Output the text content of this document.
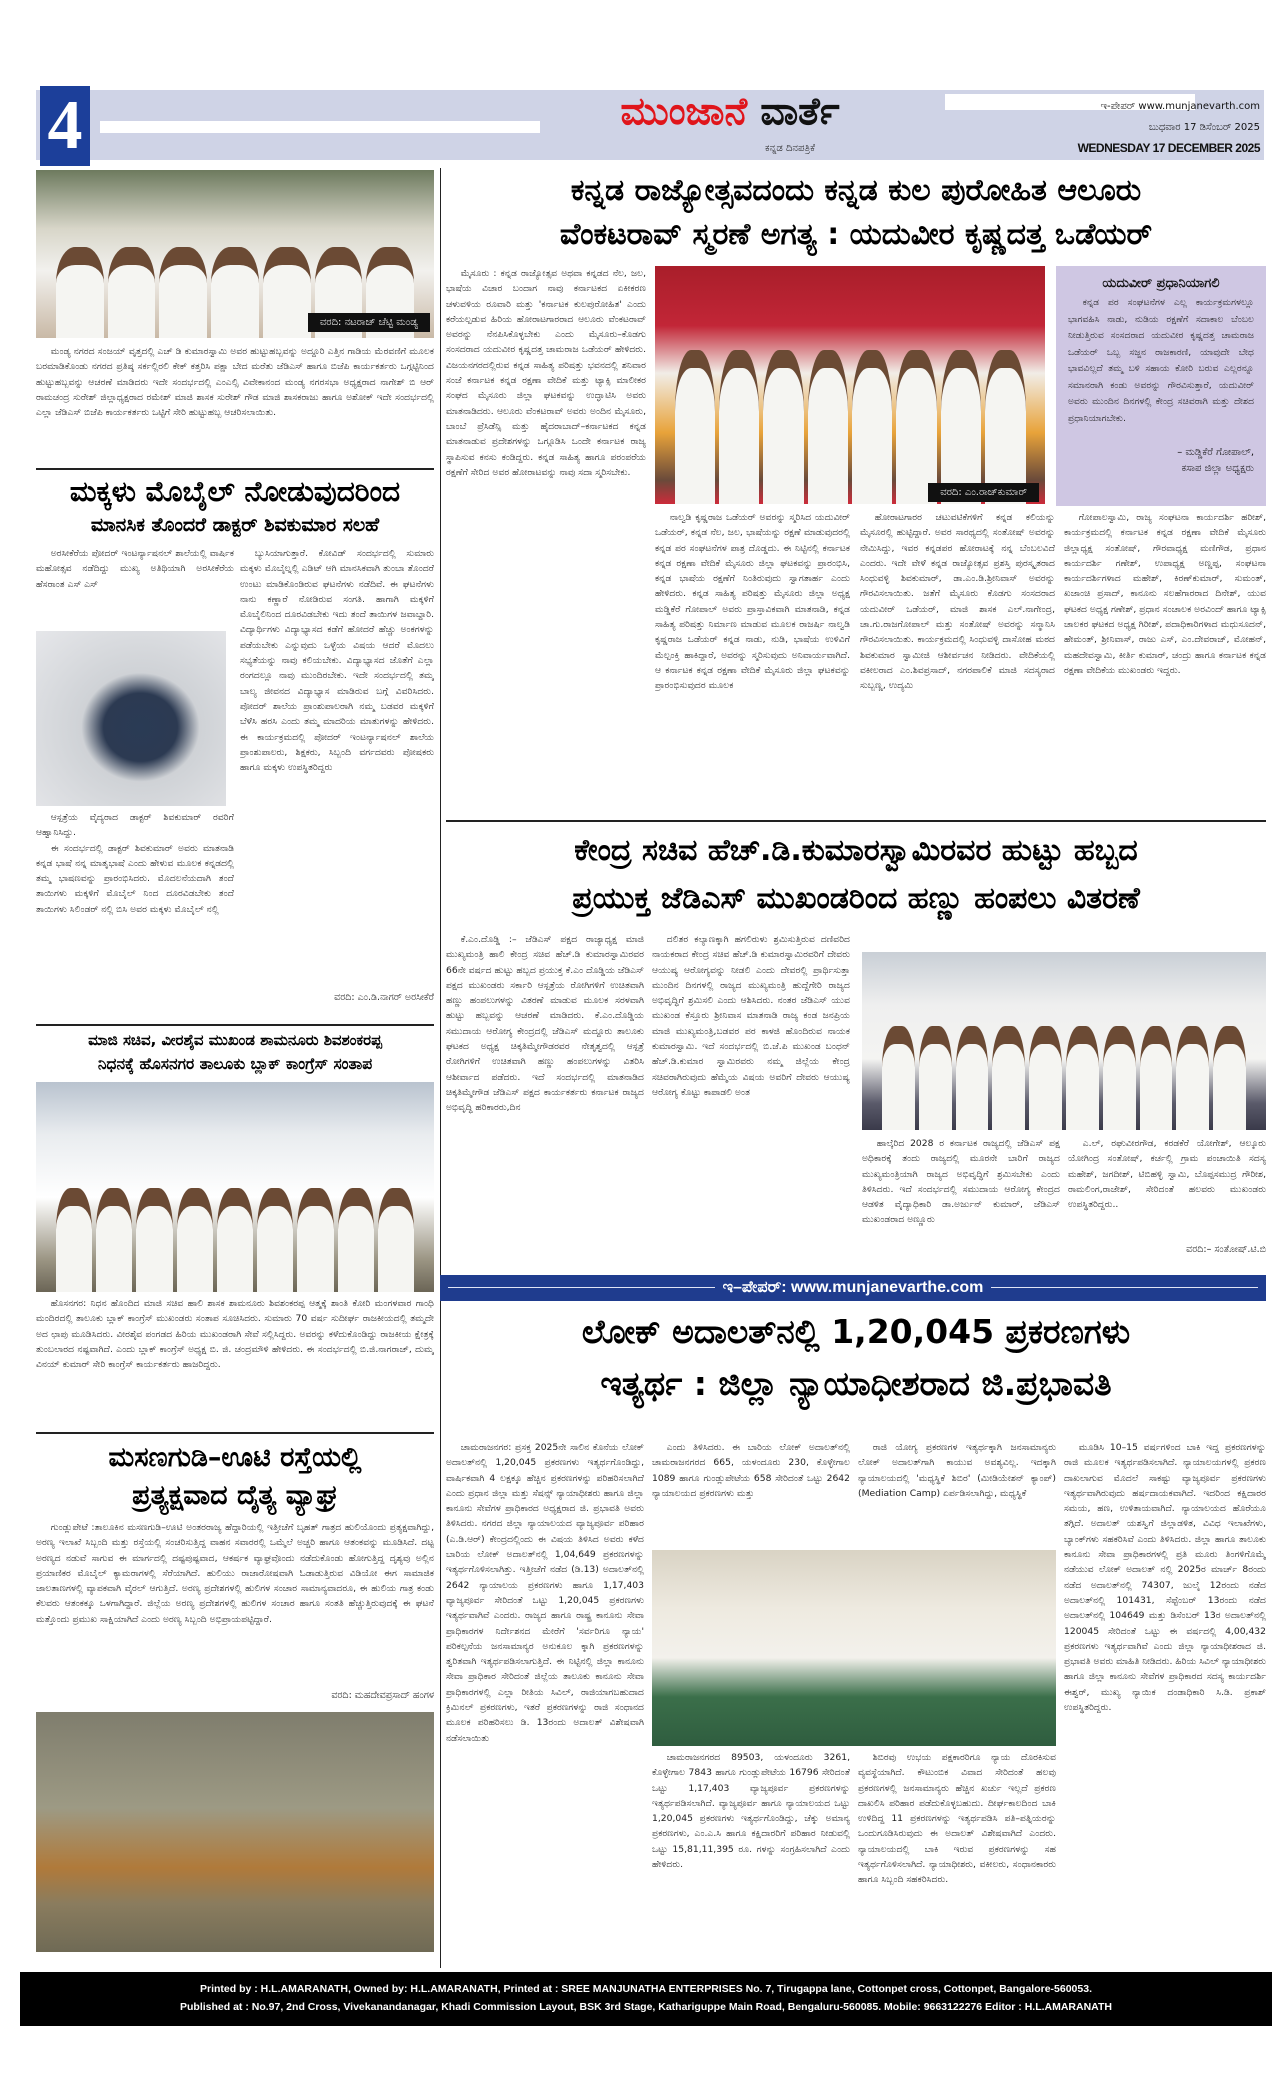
4	ಮುಂಜಾನೆ ವಾರ್ತೆ
ಕನ್ನಡ ದಿನಪತ್ರಿಕೆ
ಇ-ಪೇಪರ್ www.munjanevarth.com
ಬುಧವಾರ 17 ಡಿಸೆಂಬರ್ 2025
WEDNESDAY 17 DECEMBER 2025
ವರದಿ: ನಟರಾಜ್ ಚೆಟ್ಟಿ ಮಂಡ್ಯ

ಮಂಡ್ಯ ನಗರದ ಸಂಜಯ್ ವೃತ್ತದಲ್ಲಿ ಎಚ್ ಡಿ ಕುಮಾರಸ್ವಾಮಿ ಅವರ ಹುಟ್ಟುಹಬ್ಬವನ್ನು ಅದ್ದೂರಿ ಎತ್ತಿನ ಗಾಡಿಯ ಮೆರವಣಿಗೆ ಮೂಲಕ ಬರಮಾಡಿಕೊಂಡು ನಗರದ ಪ್ರತಿಷ್ಠ ಸರ್ಕಲ್ಲಿರಲಿ ಕೇಕ್ ಕತ್ತರಿಸಿ ಪಕ್ಷಾ ಬೇದ ಮರೆತು ಜೆಡಿಎಸ್ ಹಾಗೂ ಬಿಜೆಪಿ ಕಾರ್ಯಕರ್ತರು ಒಗ್ಗಟ್ಟಿನಿಂದ ಹುಟ್ಟುಹಬ್ಬವನ್ನು ಆಚರಣೆ ಮಾಡಿದರು ಇದೇ ಸಂದರ್ಭದಲ್ಲಿ ಎಂಎಲ್ಸಿ ವಿವೇಕಾನಂದ ಮಂಡ್ಯ ನಗರಸಭಾ ಅಧ್ಯಕ್ಷರಾದ ನಾಗೇಶ್ ಬಿ ಆರ್ ರಾಮಚಂದ್ರ ಸುರೇಶ್ ಜಿಲ್ಲಾಧ್ಯಕ್ಷರಾದ ರಮೇಶ್ ಮಾಜಿ ಶಾಸಕ ಸುರೇಶ್ ಗೌಡ ಮಾಜಿ ಶಾಸಕರಾಜು ಹಾಗೂ ಅಶೋಕ್ ಇದೇ ಸಂದರ್ಭದಲ್ಲಿ ಎಲ್ಲಾ ಜೆಡಿಎಸ್ ಬಿಜೆಪಿ ಕಾರ್ಯಕರ್ತರು ಒಟ್ಟಿಗೆ ಸೇರಿ ಹುಟ್ಟುಹಬ್ಬ ಆಚರಿಸಲಾಯಿತು.

ಮಕ್ಕಳು ಮೊಬೈಲ್ ನೋಡುವುದರಿಂದ
ಮಾನಸಿಕ ತೊಂದರೆ ಡಾಕ್ಟರ್ ಶಿವಕುಮಾರ ಸಲಹೆ

ಅರಸೀಕೆರೆಯ ಪೋದರ್ ಇಂಟರ್ನ್ಯಾಷನಲ್ ಶಾಲೆಯಲ್ಲಿ ವಾರ್ಷಿಕ ಮಹೋತ್ಸವ ನಡೆದಿದ್ದು ಮುಖ್ಯ ಅತಿಥಿಯಾಗಿ ಅರಸೀಕೆರೆಯ ಹೆಸರಾಂತ ಎಸ್ ಎಸ್

ಆಸ್ಪತ್ರೆಯ ವೈದ್ಯರಾದ ಡಾಕ್ಟರ್ ಶಿವಕುಮಾರ್ ರವರಿಗೆ ಆಹ್ವಾನಿಸಿದ್ದು.

ಈ ಸಂದರ್ಭದಲ್ಲಿ ಡಾಕ್ಟರ್ ಶಿವಕುಮಾರ್ ಅವರು ಮಾತನಾಡಿ ಕನ್ನಡ ಭಾಷೆ ನನ್ನ ಮಾತೃಭಾಷೆ ಎಂದು ಹೇಳುವ ಮೂಲಕ ಕನ್ನಡದಲ್ಲಿ ತಮ್ಮ ಭಾಷಣವನ್ನು ಪ್ರಾರಂಭಿಸಿದರು. ಮೊದಲನೆಯದಾಗಿ ತಂದೆ ತಾಯಿಗಳು ಮಕ್ಕಳಿಗೆ ಮೊಬೈಲ್ ನಿಂದ ದೂರವಿಡಬೇಕು ತಂದೆ ತಾಯಿಗಳು ಸಿಲಿಂಡರ್ ನಲ್ಲಿ ಬಿಸಿ ಅವರ ಮಕ್ಕಳು ಮೊಬೈಲ್ ನಲ್ಲಿ

ಬ್ಯುಸಿಯಾಗುತ್ತಾರೆ. ಕೋವಿಡ್ ಸಂದರ್ಭದಲ್ಲಿ ಸುಮಾರು ಮಕ್ಕಳು ಮೊಬೈಲ್ನಲ್ಲಿ ಎಡಿಟ್ ಆಗಿ ಮಾನಸಿಕವಾಗಿ ತುಂಬಾ ತೊಂದರೆ ಉಂಟು ಮಾಡಿಕೊಂಡಿರುವ ಘಟನೆಗಳು ನಡೆದಿವೆ. ಈ ಘಟನೆಗಳು ನಾನು ಕಣ್ಣಾರೆ ನೋಡಿರುವ ಸಂಗತಿ. ಹಾಗಾಗಿ ಮಕ್ಕಳಿಗೆ ಮೊಬೈಲಿನಿಂದ ದೂರವಿಡಬೇಕು ಇದು ತಂದೆ ತಾಯಿಗಳ ಜವಾಬ್ದಾರಿ. ವಿದ್ಯಾರ್ಥಿಗಳು ವಿದ್ಯಾಭ್ಯಾಸದ ಕಡೆಗೆ ಹೋದರೆ ಹೆಚ್ಚು ಅಂಕಗಳನ್ನು ಪಡೆಯಬೇಕು ಎನ್ನುವುದು ಒಳ್ಳೆಯ ವಿಷಯ ಆದರೆ ಮೊದಲು ಸಭ್ಯತೆಯನ್ನು ನಾವು ಕಲಿಯಬೇಕು. ವಿದ್ಯಾಭ್ಯಾಸದ ಜೊತೆಗೆ ಎಲ್ಲಾ ರಂಗದಲ್ಲೂ ನಾವು ಮುಂದಿರಬೇಕು. ಇದೇ ಸಂದರ್ಭದಲ್ಲಿ ತಮ್ಮ ಬಾಲ್ಯ ಜೀವನದ ವಿದ್ಯಾಭ್ಯಾಸ ಮಾಡಿರುವ ಬಗ್ಗೆ ವಿವರಿಸಿದರು. ಪೋದರ್ ಶಾಲೆಯ ಪ್ರಾಂಶುಪಾಲರಾಗಿ ನಮ್ಮ ಬಡವರ ಮಕ್ಕಳಿಗೆ ಬೆಳೆಸಿ ಹರಸಿ ಎಂದು ತಮ್ಮ ಮಾದರಿಯ ಮಾತುಗಳನ್ನು ಹೇಳಿದರು. ಈ ಕಾರ್ಯಕ್ರಮದಲ್ಲಿ ಪೋದರ್ ಇಂಟರ್ನ್ಯಾಷನಲ್ ಶಾಲೆಯ ಪ್ರಾಂಶುಪಾಲರು, ಶಿಕ್ಷಕರು, ಸಿಬ್ಬಂದಿ ವರ್ಗದವರು ಪೋಷಕರು ಹಾಗೂ ಮಕ್ಕಳು ಉಪಸ್ಥಿತರಿದ್ದರು

ವರದಿ: ಎಂ.ಡಿ.ನಾಗರ್ ಅರಸೀಕೆರೆ
ಮಾಜಿ ಸಚಿವ, ವೀರಶೈವ ಮುಖಂಡ ಶಾಮನೂರು ಶಿವಶಂಕರಪ್ಪ
ನಿಧನಕ್ಕೆ ಹೊಸನಗರ ತಾಲೂಕು ಬ್ಲಾಕ್ ಕಾಂಗ್ರೆಸ್ ಸಂತಾಪ

ಹೊಸನಗರ: ನಿಧನ ಹೊಂದಿದ ಮಾಜಿ ಸಚಿವ ಹಾಲಿ ಶಾಸಕ ಶಾಮನೂರು ಶಿವಶಂಕರಪ್ಪ ಆತ್ಮಕ್ಕೆ ಶಾಂತಿ ಕೋರಿ ಮಂಗಳವಾರ ಗಾಂಧಿ ಮಂದಿರದಲ್ಲಿ ತಾಲೂಕು ಬ್ಲಾಕ್ ಕಾಂಗ್ರೆಸ್ ಮುಖಂಡರು ಸಂತಾಪ ಸೂಚಿಸಿದರು. ಸುಮಾರು 70 ವರ್ಷ ಸುದೀರ್ಘ ರಾಜಕೀಯದಲ್ಲಿ ತಮ್ಮದೇ ಅದ ಛಾಪು ಮೂಡಿಸಿದರು. ವೀರಶೈವ ಪಂಗಡದ ಹಿರಿಯ ಮುಖಂಡರಾಗಿ ಸೇವೆ ಸಲ್ಲಿಸಿದ್ದರು. ಅವರನ್ನು ಕಳೆದುಕೊಂಡಿದ್ದು ರಾಜಕೀಯ ಕ್ಷೇತ್ರಕ್ಕೆ ತುಂಬಲಾರದ ನಷ್ಟವಾಗಿದೆ. ಎಂದು ಬ್ಲಾಕ್ ಕಾಂಗ್ರೆಸ್ ಅಧ್ಯಕ್ಷ ಬಿ. ಜಿ. ಚಂದ್ರಮೌಳಿ ಹೇಳಿದರು. ಈ ಸಂದರ್ಭದಲ್ಲಿ ಬಿ.ಜಿ.ನಾಗರಾಜ್, ದುಮ್ಮ ವಿನಯ್ ಕುಮಾರ್ ಸೇರಿ ಕಾಂಗ್ರೆಸ್ ಕಾರ್ಯಕರ್ತರು ಹಾಜರಿದ್ದರು.

ಮಸಣಗುಡಿ–ಊಟಿ ರಸ್ತೆಯಲ್ಲಿ
ಪ್ರತ್ಯಕ್ಷವಾದ ದೈತ್ಯ ವ್ಯಾಘ್ರ

ಗುಂಡ್ಲುಪೇಟೆ :ತಾಲೂಕಿನ ಮಸಣಗುಡಿ–ಊಟಿ ಅಂತರರಾಜ್ಯ ಹೆದ್ದಾರಿಯಲ್ಲಿ ಇತ್ತೀಚೆಗೆ ಬೃಹತ್ ಗಾತ್ರದ ಹುಲಿಯೊಂದು ಪ್ರತ್ಯಕ್ಷವಾಗಿದ್ದು, ಅರಣ್ಯ ಇಲಾಖೆ ಸಿಬ್ಬಂದಿ ಮತ್ತು ರಸ್ತೆಯಲ್ಲಿ ಸಂಚರಿಸುತ್ತಿದ್ದ ವಾಹನ ಸವಾರರಲ್ಲಿ ಒಮ್ಮೆಲೆ ಅಚ್ಚರಿ ಹಾಗೂ ಆತಂಕವನ್ನು ಮೂಡಿಸಿದೆ. ದಟ್ಟ ಅರಣ್ಯದ ನಡುವೆ ಸಾಗುವ ಈ ಮಾರ್ಗದಲ್ಲಿ ದಷ್ಟಪುಷ್ಟವಾದ, ಆಕರ್ಷಕ ವ್ಯಾಘ್ರವೊಂದು ನಡೆದುಕೊಂಡು ಹೋಗುತ್ತಿದ್ದ ದೃಶ್ಯವು ಅಲ್ಲಿನ ಪ್ರಯಾಣಿಕರ ಮೊಬೈಲ್ ಕ್ಯಾಮರಾಗಳಲ್ಲಿ ಸೆರೆಯಾಗಿದೆ. ಹುಲಿಯು ರಾಜಾರೋಷವಾಗಿ ಓಡಾಡುತ್ತಿರುವ ವಿಡಿಯೋ ಈಗ ಸಾಮಾಜಿಕ ಜಾಲತಾಣಗಳಲ್ಲಿ ವ್ಯಾಪಕವಾಗಿ ವೈರಲ್ ಆಗುತ್ತಿದೆ. ಅರಣ್ಯ ಪ್ರದೇಶಗಳಲ್ಲಿ ಹುಲಿಗಳ ಸಂಚಾರ ಸಾಮಾನ್ಯವಾದರೂ, ಈ ಹುಲಿಯ ಗಾತ್ರ ಕಂಡು ಕೆಲವರು ಆತಂಕಕ್ಕೂ ಒಳಗಾಗಿದ್ದಾರೆ. ಜಿಲ್ಲೆಯ ಅರಣ್ಯ ಪ್ರದೇಶಗಳಲ್ಲಿ ಹುಲಿಗಳ ಸಂಚಾರ ಹಾಗೂ ಸಂತತಿ ಹೆಚ್ಚುತ್ತಿರುವುದಕ್ಕೆ ಈ ಘಟನೆ ಮತ್ತೊಂದು ಪ್ರಮುಖ ಸಾಕ್ಷಿಯಾಗಿದೆ ಎಂದು ಅರಣ್ಯ ಸಿಬ್ಬಂದಿ ಅಭಿಪ್ರಾಯಪಟ್ಟಿದ್ದಾರೆ.

ವರದಿ: ಮಹದೇವಪ್ರಸಾದ್ ಹಂಗಳ
ಕನ್ನಡ ರಾಜ್ಯೋತ್ಸವದಂದು ಕನ್ನಡ ಕುಲ ಪುರೋಹಿತ ಆಲೂರು
ವೆಂಕಟರಾವ್ ಸ್ಮರಣೆ ಅಗತ್ಯ : ಯದುವೀರ ಕೃಷ್ಣದತ್ತ ಒಡೆಯರ್

ಮೈಸೂರು : ಕನ್ನಡ ರಾಜ್ಯೋತ್ಸವ ಅಥವಾ ಕನ್ನಡದ ನೆಲ, ಜಲ, ಭಾಷೆಯ ವಿಚಾರ ಬಂದಾಗ ನಾವು ಕರ್ನಾಟಕದ ಏಕೀಕರಣ ಚಳುವಳಿಯ ರೂವಾರಿ ಮತ್ತು 'ಕರ್ನಾಟಕ ಕುಲಪುರೋಹಿತ' ಎಂದು ಕರೆಯಲ್ಪಡುವ ಹಿರಿಯ ಹೋರಾಟಗಾರರಾದ ಆಲೂರು ವೆಂಕಟರಾವ್ ಅವರನ್ನು ನೆನಪಿಸಿಕೊಳ್ಳಬೇಕು ಎಂದು ಮೈಸೂರು–ಕೊಡಗು ಸಂಸದರಾದ ಯದುವೀರ ಕೃಷ್ಣದತ್ತ ಚಾಮರಾಜ ಒಡೆಯರ್ ಹೇಳಿದರು. ವಿಜಯನಗರದಲ್ಲಿರುವ ಕನ್ನಡ ಸಾಹಿತ್ಯ ಪರಿಷತ್ತು ಭವನದಲ್ಲಿ ಶನಿವಾರ ಸಂಜೆ ಕರ್ನಾಟಕ ಕನ್ನಡ ರಕ್ಷಣಾ ವೇದಿಕೆ ಮತ್ತು ಟ್ಯಾಕ್ಸಿ ಮಾಲೀಕರ ಸಂಘದ ಮೈಸೂರು ಜಿಲ್ಲಾ ಘಟಕವನ್ನು ಉದ್ಘಾಟಿಸಿ ಅವರು ಮಾತನಾಡಿದರು. ಆಲೂರು ವೆಂಕಟರಾವ್ ಅವರು ಅಂದಿನ ಮೈಸೂರು, ಬಾಂಬೆ ಪ್ರೆಸಿಡೆನ್ಸಿ ಮತ್ತು ಹೈದರಾಬಾದ್–ಕರ್ನಾಟಕದ ಕನ್ನಡ ಮಾತನಾಡುವ ಪ್ರದೇಶಗಳನ್ನು ಒಗ್ಗೂಡಿಸಿ ಒಂದೇ ಕರ್ನಾಟಕ ರಾಜ್ಯ ಸ್ಥಾಪಿಸುವ ಕನಸು ಕಂಡಿದ್ದರು. ಕನ್ನಡ ಸಾಹಿತ್ಯ ಹಾಗೂ ಪರಂಪರೆಯ ರಕ್ಷಣೆಗೆ ಸೇರಿದ ಅವರ ಹೋರಾಟವನ್ನು ನಾವು ಸದಾ ಸ್ಮರಿಸಬೇಕು.

ವರದಿ: ಎಂ.ರಾಜ್‌ಕುಮಾರ್
ಯದುವೀರ್ ಪ್ರಧಾನಿಯಾಗಲಿ

ಕನ್ನಡ ಪರ ಸಂಘಟನೆಗಳ ಎಲ್ಲ ಕಾರ್ಯಕ್ರಮಗಳಲ್ಲೂ ಭಾಗವಹಿಸಿ ನಾಡು, ನುಡಿಯ ರಕ್ಷಣೆಗೆ ಸದಾಕಾಲ ಬೆಂಬಲ ನೀಡುತ್ತಿರುವ ಸಂಸದರಾದ ಯದುವೀರ ಕೃಷ್ಣದತ್ತ ಚಾಮರಾಜ ಒಡೆಯರ್ ಒಬ್ಬ ಸಜ್ಜನ ರಾಜಕಾರಣಿ, ಯಾವುದೇ ಬೇಧ ಭಾವವಿಲ್ಲದೆ ತಮ್ಮ ಬಳಿ ಸಹಾಯ ಕೋರಿ ಬರುವ ಎಲ್ಲರನ್ನೂ ಸಮಾನರಾಗಿ ಕಂಡು ಅವರನ್ನು ಗೌರವಿಸುತ್ತಾರೆ, ಯದುವೀರ್ ಅವರು ಮುಂದಿನ ದಿನಗಳಲ್ಲಿ ಕೇಂದ್ರ ಸಚಿವರಾಗಿ ಮತ್ತು ದೇಶದ ಪ್ರಧಾನಿಯಾಗಬೇಕು.

– ಮಡ್ಡಿಕೆರೆ ಗೋಪಾಲ್,
ಕಸಾಪ ಜಿಲ್ಲಾ ಅಧ್ಯಕ್ಷರು

ನಾಲ್ವಡಿ ಕೃಷ್ಣರಾಜ ಒಡೆಯರ್ ಅವರನ್ನು ಸ್ಮರಿಸಿದ ಯದುವೀರ್ ಒಡೆಯರ್, ಕನ್ನಡ ನೆಲ, ಜಲ, ಭಾಷೆಯನ್ನು ರಕ್ಷಣೆ ಮಾಡುವುದರಲ್ಲಿ ಕನ್ನಡ ಪರ ಸಂಘಟನೆಗಳ ಪಾತ್ರ ದೊಡ್ಡದು. ಈ ನಿಟ್ಟಿನಲ್ಲಿ ಕರ್ನಾಟಕ ಕನ್ನಡ ರಕ್ಷಣಾ ವೇದಿಕೆ ಮೈಸೂರು ಜಿಲ್ಲಾ ಘಟಕವನ್ನು ಪ್ರಾರಂಭಿಸಿ, ಕನ್ನಡ ಭಾಷೆಯ ರಕ್ಷಣೆಗೆ ನಿಂತಿರುವುದು ಸ್ವಾಗತಾರ್ಹ ಎಂದು ಹೇಳಿದರು. ಕನ್ನಡ ಸಾಹಿತ್ಯ ಪರಿಷತ್ತು ಮೈಸೂರು ಜಿಲ್ಲಾ ಅಧ್ಯಕ್ಷ ಮಡ್ಡಿಕೆರೆ ಗೋಪಾಲ್ ಅವರು ಪ್ರಾಸ್ತಾವಿಕವಾಗಿ ಮಾತನಾಡಿ, ಕನ್ನಡ ಸಾಹಿತ್ಯ ಪರಿಷತ್ತು ನಿರ್ಮಾಣ ಮಾಡುವ ಮೂಲಕ ರಾಜರ್ಷಿ ನಾಲ್ವಡಿ ಕೃಷ್ಣರಾಜ ಒಡೆಯರ್ ಕನ್ನಡ ನಾಡು, ನುಡಿ, ಭಾಷೆಯ ಉಳಿವಿಗೆ ಮೆಲ್ಪಂಕ್ತಿ ಹಾಕಿದ್ದಾರೆ, ಅವರನ್ನು ಸ್ಮರಿಸುವುದು ಅನಿವಾರ್ಯವಾಗಿದೆ. ಆ ಕರ್ನಾಟಕ ಕನ್ನಡ ರಕ್ಷಣಾ ವೇದಿಕೆ ಮೈಸೂರು ಜಿಲ್ಲಾ ಘಟಕವನ್ನು ಪ್ರಾರಂಭಿಸುವುದರ ಮೂಲಕ

ಹೋರಾಟಗಾರರ ಚಟುವಟಿಕೆಗಳಿಗೆ ಕನ್ನಡ ಕಲಿಯನ್ನು ಮೈಸೂರಲ್ಲಿ ಹುಟ್ಟಿದ್ದಾರೆ. ಅವರ ಸಾರಥ್ಯದಲ್ಲಿ ಸಂತೋಷ್ ಅವರನ್ನು ನೇಮಿಸಿದ್ದು, ಇವರ ಕನ್ನಡಪರ ಹೋರಾಟಕ್ಕೆ ನನ್ನ ಬೆಂಬಲವಿದೆ ಎಂದರು. ಇದೇ ವೇಳೆ ಕನ್ನಡ ರಾಜ್ಯೋತ್ಸವ ಪ್ರಶಸ್ತಿ ಪುರಸ್ಕೃತರಾದ ಸಿಂಧುವಳ್ಳಿ ಶಿವಕುಮಾರ್, ಡಾ.ಎಂ.ಡಿ.ಶ್ರೀನಿವಾಸ್ ಅವರನ್ನು ಗೌರವಿಸಲಾಯಿತು. ಜತೆಗೆ ಮೈಸೂರು ಕೊಡಗು ಸಂಸದರಾದ ಯದುವೀರ್ ಒಡೆಯರ್, ಮಾಜಿ ಶಾಸಕ ಎಲ್.ನಾಗೇಂದ್ರ, ಚಾ.ಗು.ರಾಜಗೋಪಾಲ್ ಮತ್ತು ಸಂತೋಷ್ ಅವರನ್ನು ಸನ್ಮಾನಿಸಿ ಗೌರವಿಸಲಾಯಿತು. ಕಾರ್ಯಕ್ರಮದಲ್ಲಿ ಸಿಂಧುವಳ್ಳಿ ದಾಸೋಹ ಮಠದ ಶಿವಕುಮಾರ ಸ್ವಾಮೀಜಿ ಆಶೀರ್ವಚನ ನೀಡಿದರು. ವೇದಿಕೆಯಲ್ಲಿ ವಕೀಲರಾದ ಎಂ.ಶಿವಪ್ರಸಾದ್, ನಗರಪಾಲಿಕೆ ಮಾಜಿ ಸದಸ್ಯರಾದ ಸುಬ್ಬಣ್ಣ, ಉದ್ಯಮಿ

ಗೋಪಾಲಸ್ವಾಮಿ, ರಾಜ್ಯ ಸಂಘಟನಾ ಕಾರ್ಯದರ್ಶಿ ಹರೀಶ್, ಕಾರ್ಯಕ್ರಮದಲ್ಲಿ ಕರ್ನಾಟಕ ಕನ್ನಡ ರಕ್ಷಣಾ ವೇದಿಕೆ ಮೈಸೂರು ಜಿಲ್ಲಾಧ್ಯಕ್ಷ ಸಂತೋಷ್, ಗೌರವಾಧ್ಯಕ್ಷ ಮಣಿಗೌಡ, ಪ್ರಧಾನ ಕಾರ್ಯದರ್ಶಿ ಗಣೇಶ್, ಉಪಾಧ್ಯಕ್ಷ ಅಣ್ಣಪ್ಪ, ಸಂಘಟನಾ ಕಾರ್ಯದರ್ಶಿಗಳಾದ ಮಹೇಶ್, ಕಿರಣ್‌ಕುಮಾರ್, ಸುಮಂತ್, ಖಜಾಂಚಿ ಪ್ರಸಾದ್, ಕಾನೂನು ಸಲಹೆಗಾರರಾದ ದಿನೇಶ್, ಯುವ ಘಟಕದ ಅಧ್ಯಕ್ಷ ಗಣೇಶ್, ಪ್ರಧಾನ ಸಂಚಾಲಕ ಅರವಿಂದ್ ಹಾಗೂ ಟ್ಯಾಕ್ಸಿ ಚಾಲಕರ ಘಟಕದ ಅಧ್ಯಕ್ಷ ಗಿರೀಶ್, ಪದಾಧಿಕಾರಿಗಳಾದ ಮಧುಸೂದನ್, ಹೇಮಂತ್, ಶ್ರೀನಿವಾಸ್, ರಾಜು ಎಸ್, ಎಂ.ದೇವರಾಜ್, ಮೋಹನ್, ಮಹದೇವಸ್ವಾಮಿ, ಕೀರ್ತಿ ಕುಮಾರ್, ಚಂದ್ರು ಹಾಗೂ ಕರ್ನಾಟಕ ಕನ್ನಡ ರಕ್ಷಣಾ ವೇದಿಕೆಯ ಮುಖಂಡರು ಇದ್ದರು.

ಕೇಂದ್ರ ಸಚಿವ ಹೆಚ್.ಡಿ.ಕುಮಾರಸ್ವಾಮಿರವರ ಹುಟ್ಟು ಹಬ್ಬದ
ಪ್ರಯುಕ್ತ ಜೆಡಿಎಸ್ ಮುಖಂಡರಿಂದ ಹಣ್ಣು ಹಂಪಲು ವಿತರಣೆ

ಕೆ.ಎಂ.ದೊಡ್ಡಿ :– ಜೆಡಿಎಸ್ ಪಕ್ಷದ ರಾಜ್ಯಾಧ್ಯಕ್ಷ ಮಾಜಿ ಮುಖ್ಯಮಂತ್ರಿ ಹಾಲಿ ಕೇಂದ್ರ ಸಚಿವ ಹೆಚ್.ಡಿ ಕುಮಾರಸ್ವಾಮಿರವರ 66ನೇ ವರ್ಷದ ಹುಟ್ಟು ಹಬ್ಬದ ಪ್ರಯುಕ್ತ ಕೆ.ಎಂ ದೊಡ್ಡಿಯ ಜೆಡಿಎಸ್ ಪಕ್ಷದ ಮುಖಂಡರು ಸರ್ಕಾರಿ ಆಸ್ಪತ್ರೆಯ ರೋಗಿಗಳಿಗೆ ಉಚಿತವಾಗಿ ಹಣ್ಣು ಹಂಪಲುಗಳನ್ನು ವಿತರಣೆ ಮಾಡುವ ಮೂಲಕ ಸರಳವಾಗಿ ಹುಟ್ಟು ಹಬ್ಬವನ್ನು ಆಚರಣೆ ಮಾಡಿದರು. ಕೆ.ಎಂ.ದೊಡ್ಡಿಯ ಸಮುದಾಯ ಆರೋಗ್ಯ ಕೇಂದ್ರದಲ್ಲಿ ಜೆಡಿಎಸ್ ಮದ್ದೂರು ತಾಲೂಕು ಘಟಕದ ಅಧ್ಯಕ್ಷ ಚಿಕ್ಕತಿಮ್ಮೇಗೌಡರವರ ನೇತೃತ್ವದಲ್ಲಿ ಆಸ್ಪತ್ರೆ ರೋಗಿಗಳಿಗೆ ಉಚಿತವಾಗಿ ಹಣ್ಣು ಹಂಪಲುಗಳನ್ನು ವಿತರಿಸಿ ಆಶೀರ್ವಾದ ಪಡೆದರು. ಇದೆ ಸಂದರ್ಭದಲ್ಲಿ ಮಾತನಾಡಿದ ಚಿಕ್ಕತಿಮ್ಮೇಗೌಡ ಜೆಡಿಎಸ್ ಪಕ್ಷದ ಕಾರ್ಯಕರ್ತರು ಕರ್ನಾಟಕ ರಾಜ್ಯದ ಅಭಿವೃದ್ಧಿ ಹರಿಕಾರರು,ದಿನ

ದಲಿತರ ಕಲ್ಯಾಣಕ್ಕಾಗಿ ಹಗಲಿರುಳು ಶ್ರಮಿಸುತ್ತಿರುವ ದಣಿವರಿದ ನಾಯಕರಾದ ಕೇಂದ್ರ ಸಚಿವ ಹೆಚ್.ಡಿ ಕುಮಾರಸ್ವಾಮಿರವರಿಗೆ ದೇವರು ಆಯುಷ್ಯ ಆರೋಗ್ಯವನ್ನು ನೀಡಲಿ ಎಂದು ದೇವರಲ್ಲಿ ಪ್ರಾರ್ಥಿಸುತ್ತಾ ಮುಂದಿನ ದಿನಗಳಲ್ಲಿ ರಾಜ್ಯದ ಮುಖ್ಯಮಂತ್ರಿ ಹುದ್ದೆಗೇರಿ ರಾಜ್ಯದ ಅಭಿವೃದ್ಧಿಗೆ ಶ್ರಮಿಸಲಿ ಎಂದು ಆಶಿಸಿದರು. ನಂತರ ಜೆಡಿಎಸ್ ಯುವ ಮುಖಂಡ ಕೆಸ್ತೂರು ಶ್ರೀನಿವಾಸ ಮಾತನಾಡಿ ರಾಜ್ಯ ಕಂಡ ಜನಪ್ರಿಯ ಮಾಜಿ ಮುಖ್ಯಮಂತ್ರಿ,ಬಡವರ ಪರ ಕಾಳಜಿ ಹೊಂದಿರುವ ನಾಯಕ ಕುಮಾರಸ್ವಾಮಿ. ಇದೆ ಸಂದರ್ಭದಲ್ಲಿ ಬಿ.ಜೆ.ಪಿ ಮುಖಂಡ ಬಂಧನ್ ಹೆಚ್.ಡಿ.ಕುಮಾರ ಸ್ವಾಮಿರವರು ನಮ್ಮ ಜಿಲ್ಲೆಯ ಕೇಂದ್ರ ಸಚಿವರಾಗಿರುವುದು ಹೆಮ್ಮೆಯ ವಿಷಯ ಅವರಿಗೆ ದೇವರು ಆಯುಷ್ಯ ಆರೋಗ್ಯ ಕೊಟ್ಟು ಕಾಪಾಡಲಿ ಅಂತ

ಹಾಲ್ಕೆರಿದ 2028 ರ ಕರ್ನಾಟಕ ರಾಜ್ಯದಲ್ಲಿ ಜೆಡಿಎಸ್ ಪಕ್ಷ ಅಧಿಕಾರಕ್ಕೆ ತಂದು ರಾಜ್ಯದಲ್ಲಿ ಮೂರನೇ ಬಾರಿಗೆ ರಾಜ್ಯದ ಮುಖ್ಯಮಂತ್ರಿಯಾಗಿ ರಾಜ್ಯದ ಅಭಿವೃದ್ಧಿಗೆ ಶ್ರಮಿಸಬೇಕು ಎಂದು ತಿಳಿಸಿದರು. ಇದೆ ಸಂದರ್ಭದಲ್ಲಿ ಸಮುದಾಯ ಆರೋಗ್ಯ ಕೇಂದ್ರದ ಆಡಳಿತ ವೈದ್ಯಾಧಿಕಾರಿ ಡಾ.ಅರ್ಜುನ್ ಕುಮಾರ್, ಜೆಡಿಎಸ್ ಮುಖಂಡರಾದ ಅಣ್ಣೂರು

ಎ.ಲ್, ರಘುವೀರಗೌಡ, ಕರಡಕೆರೆ ಯೋಗೇಶ್, ಆಲ್ಕೂರು ಯೋಗಿಂದ್ರ ಸಂತೋಷ್, ಕರ್ಚಲ್ಲಿ ಗ್ರಾಮ ಪಂಚಾಯಿತಿ ಸದಸ್ಯ ಮಹೇಶ್, ಜಗದೀಶ್, ಟಿಬಿಹಳ್ಳಿ ಸ್ವಾಮಿ, ಬೊಪ್ಪಸಮುದ್ರ ಗೌರೀಶ, ರಾಮಲಿಂಗ,ರಾಜೇಶ್, ಸೇರಿದಂತೆ ಹಲವರು ಮುಖಂಡರು ಉಪಸ್ಥಿತರಿದ್ದರು..

ವರದಿ:– ಸಂತೋಷ್.ಟಿ.ಬಿ
ಇ–ಪೇಪರ್: www.munjanevarthe.com
ಲೋಕ್ ಅದಾಲತ್‌ನಲ್ಲಿ 1,20,045 ಪ್ರಕರಣಗಳು
ಇತ್ಯರ್ಥ : ಜಿಲ್ಲಾ ನ್ಯಾಯಾಧೀಶರಾದ ಜಿ.ಪ್ರಭಾವತಿ

ಚಾಮರಾಜನಗರ: ಪ್ರಸಕ್ತ 2025ನೇ ಸಾಲಿನ ಕೊನೆಯ ಲೋಕ್ ಅದಾಲತ್‌ನಲ್ಲಿ 1,20,045 ಪ್ರಕರಣಗಳು ಇತ್ಯರ್ಥಗೊಂಡಿದ್ದು, ವಾರ್ಷಿಕವಾಗಿ 4 ಲಕ್ಷಕ್ಕೂ ಹೆಚ್ಚಿನ ಪ್ರಕರಣಗಳನ್ನು ಪರಿಹರಿಸಲಾಗಿದೆ ಎಂದು ಪ್ರಧಾನ ಜಿಲ್ಲಾ ಮತ್ತು ಸೆಷನ್ಸ್ ನ್ಯಾಯಾಧೀಶರು ಹಾಗೂ ಜಿಲ್ಲಾ ಕಾನೂನು ಸೇವೆಗಳ ಪ್ರಾಧಿಕಾರದ ಅಧ್ಯಕ್ಷರಾದ ಜಿ. ಪ್ರಭಾವತಿ ಅವರು ತಿಳಿಸಿದರು. ನಗರದ ಜಿಲ್ಲಾ ನ್ಯಾಯಾಲಯದ ವ್ಯಾಜ್ಯಪೂರ್ವ ಪರಿಹಾರ (ಎ.ಡಿ.ಆರ್) ಕೇಂದ್ರದಲ್ಲಿಂದು ಈ ವಿಷಯ ತಿಳಿಸಿದ ಅವರು ಕಳೆದ ಬಾರಿಯ ಲೋಕ್ ಅದಾಲತ್‌ನಲ್ಲಿ 1,04,649 ಪ್ರಕರಣಗಳನ್ನು ಇತ್ಯರ್ಥಗೊಳಿಸಲಾಗಿತ್ತು. ಇತ್ತೀಚೆಗೆ ನಡೆದ (ಡಿ.13) ಅದಾಲತ್‌ನಲ್ಲಿ 2642 ನ್ಯಾಯಾಲಯ ಪ್ರಕರಣಗಳು ಹಾಗೂ 1,17,403 ವ್ಯಾಜ್ಯಪೂರ್ವ ಸೇರಿದಂತೆ ಒಟ್ಟು 1,20,045 ಪ್ರಕರಣಗಳು ಇತ್ಯರ್ಥವಾಗಿವೆ ಎಂದರು. ರಾಜ್ಯದ ಹಾಗೂ ರಾಷ್ಟ್ರ ಕಾನೂನು ಸೇವಾ ಪ್ರಾಧಿಕಾರಗಳ ನಿರ್ದೇಶನದ ಮೇರೆಗೆ 'ಸರ್ವರಿಗೂ ನ್ಯಾಯ' ಪರಿಕಲ್ಪನೆಯ ಜನಸಾಮಾನ್ಯರ ಅನುಕೂಲ ಕ್ಕಾಗಿ ಪ್ರಕರಣಗಳನ್ನು ತ್ವರಿತವಾಗಿ ಇತ್ಯರ್ಥಪಡಿಸಲಾಗುತ್ತಿದೆ. ಈ ನಿಟ್ಟಿನಲ್ಲಿ ಜಿಲ್ಲಾ ಕಾನೂನು ಸೇವಾ ಪ್ರಾಧಿಕಾರ ಸೇರಿದಂತೆ ಜಿಲ್ಲೆಯ ತಾಲೂಕು ಕಾನೂನು ಸೇವಾ ಪ್ರಾಧಿಕಾರಗಳಲ್ಲಿ ಎಲ್ಲಾ ರೀತಿಯ ಸಿವಿಲ್, ರಾಜಿಯಾಗಬಹುದಾದ ಕ್ರಿಮಿನಲ್ ಪ್ರಕರಣಗಳು, ಇತರೆ ಪ್ರಕರಣಗಳನ್ನು ರಾಜಿ ಸಂಧಾನದ ಮೂಲಕ ಪರಿಹರಿಸಲು ಡಿ. 13ರಂದು ಅದಾಲತ್ ವಿಶೇಷವಾಗಿ ನಡೆಸಲಾಯಿತು

ಎಂದು ತಿಳಿಸಿದರು. ಈ ಬಾರಿಯ ಲೋಕ್ ಅದಾಲತ್‌ನಲ್ಲಿ ಚಾಮರಾಜನಗರದ 665, ಯಳಂದೂರು 230, ಕೊಳ್ಳೇಗಾಲ 1089 ಹಾಗೂ ಗುಂಡ್ಲುಪೇಟೆಯ 658 ಸೇರಿದಂತೆ ಒಟ್ಟು 2642 ನ್ಯಾಯಾಲಯದ ಪ್ರಕರಣಗಳು ಮತ್ತು

ರಾಜಿ ಯೋಗ್ಯ ಪ್ರಕರಣಗಳ ಇತ್ಯರ್ಥಕ್ಕಾಗಿ ಜನಸಾಮಾನ್ಯರು ಲೋಕ್ ಅದಾಲತ್‌ಗಾಗಿ ಕಾಯುವ ಅವಶ್ಯವಿಲ್ಲ. ಇದಕ್ಕಾಗಿ ನ್ಯಾಯಾಲಯದಲ್ಲಿ 'ಮಧ್ಯಸ್ಥಿಕೆ ಶಿಬಿರ' (ಮೀಡಿಯೇಶನ್ ಕ್ಯಾಂಪ್) (Mediation Camp) ಏರ್ಪಡಿಸಲಾಗಿದ್ದು, ಮಧ್ಯಸ್ಥಿಕೆ

ಚಾಮರಾಜನಗರದ 89503, ಯಳಂದೂರು 3261, ಕೊಳ್ಳೇಗಾಲ 7843 ಹಾಗೂ ಗುಂಡ್ಲುಪೇಟೆಯ 16796 ಸೇರಿದಂತೆ ಒಟ್ಟು 1,17,403 ವ್ಯಾಜ್ಯಪೂರ್ವ ಪ್ರಕರಣಗಳನ್ನು ಇತ್ಯರ್ಥಪಡಿಸಲಾಗಿದೆ. ವ್ಯಾಜ್ಯಪೂರ್ವ ಹಾಗೂ ನ್ಯಾಯಾಲಯದ ಒಟ್ಟು 1,20,045 ಪ್ರಕರಣಗಳು ಇತ್ಯರ್ಥಗೊಂಡಿದ್ದು, ಚೆಕ್ಕು ಅಮಾನ್ಯ ಪ್ರಕರಣಗಳು, ಎಂ.ಎ.ಸಿ ಹಾಗೂ ಕಕ್ಷಿದಾರರಿಗೆ ಪರಿಹಾರ ನೀಡುವಲ್ಲಿ ಒಟ್ಟು 15,81,11,395 ರೂ. ಗಳನ್ನು ಸಂಗ್ರಹಿಸಲಾಗಿದೆ ಎಂದು ಹೇಳಿದರು.

ಶಿಬಿರವು ಉಭಯ ಪಕ್ಷಕಾರರಿಗೂ ನ್ಯಾಯ ದೊರಕಿಸುವ ವ್ಯವಸ್ಥೆಯಾಗಿದೆ. ಕೌಟುಂಬಿಕ ವಿವಾದ ಸೇರಿದಂತೆ ಹಲವು ಪ್ರಕರಣಗಳಲ್ಲಿ ಜನಸಾಮಾನ್ಯರು ಹೆಚ್ಚಿನ ಖರ್ಚು ಇಲ್ಲದೆ ಪ್ರಕರಣ ದಾಖಲಿಸಿ ಪರಿಹಾರ ಪಡೆದುಕೊಳ್ಳಬಹುದು. ದೀರ್ಘಕಾಲದಿಂದ ಬಾಕಿ ಉಳಿದಿದ್ದ 11 ಪ್ರಕರಣಗಳನ್ನು ಇತ್ಯರ್ಥಪಡಿಸಿ ಪತಿ–ಪತ್ನಿಯರನ್ನು ಒಂದುಗೂಡಿಸಿರುವುದು ಈ ಅದಾಲತ್ ವಿಶೇಷವಾಗಿದೆ ಎಂದರು. ನ್ಯಾಯಾಲಯದಲ್ಲಿ ಬಾಕಿ ಇರುವ ಪ್ರಕರಣಗಳನ್ನು ಸಹ ಇತ್ಯರ್ಥಗೊಳಿಸಲಾಗಿದೆ. ನ್ಯಾಯಾಧೀಶರು, ವಕೀಲರು, ಸಂಧಾನಕಾರರು ಹಾಗೂ ಸಿಬ್ಬಂದಿ ಸಹಕರಿಸಿದರು.

ಮೂಡಿಸಿ 10–15 ವರ್ಷಗಳಿಂದ ಬಾಕಿ ಇದ್ದ ಪ್ರಕರಣಗಳನ್ನು ರಾಜಿ ಮೂಲಕ ಇತ್ಯರ್ಥಪಡಿಸಲಾಗಿದೆ. ನ್ಯಾಯಾಲಯಗಳಲ್ಲಿ ಪ್ರಕರಣ ದಾಖಲಾಗುವ ಮೊದಲೆ ಸಾಕಷ್ಟು ವ್ಯಾಜ್ಯಪೂರ್ವ ಪ್ರಕರಣಗಳು ಇತ್ಯರ್ಥವಾಗಿರುವುದು ಹರ್ಷದಾಯಕವಾಗಿದೆ. ಇದರಿಂದ ಕಕ್ಷಿದಾರರ ಸಮಯ, ಹಣ, ಉಳಿತಾಯವಾಗಿದೆ. ನ್ಯಾಯಾಲಯದ ಹೊರೆಯೂ ತಗ್ಗಿದೆ. ಅದಾಲತ್ ಯಶಸ್ವಿಗೆ ಜಿಲ್ಲಾಡಳಿತ, ವಿವಿಧ ಇಲಾಖೆಗಳು, ಬ್ಯಾಂಕ್‌ಗಳು ಸಹಕರಿಸಿವೆ ಎಂದು ತಿಳಿಸಿದರು. ಜಿಲ್ಲಾ ಹಾಗೂ ತಾಲೂಕು ಕಾನೂನು ಸೇವಾ ಪ್ರಾಧಿಕಾರಗಳಲ್ಲಿ ಪ್ರತಿ ಮೂರು ತಿಂಗಳಿಗೊಮ್ಮೆ ನಡೆಯುವ ಲೋಕ್ ಅದಾಲತ್ ನಲ್ಲಿ 2025ರ ಮಾರ್ಚ್ 8ರಂದು ನಡೆದ ಅದಾಲತ್‌ನಲ್ಲಿ 74307, ಜುಲೈ 12ರಂದು ನಡೆದ ಅದಾಲತ್‌ನಲ್ಲಿ 101431, ಸೆಪ್ಟೆಂಬರ್ 13ರಂದು ನಡೆದ ಅದಾಲತ್‌ನಲ್ಲಿ 104649 ಮತ್ತು ಡಿಸೆಂಬರ್ 13ರ ಅದಾಲತ್‌ನಲ್ಲಿ 120045 ಸೇರಿದಂತೆ ಒಟ್ಟು ಈ ವರ್ಷದಲ್ಲಿ 4,00,432 ಪ್ರಕರಣಗಳು ಇತ್ಯರ್ಥವಾಗಿವೆ ಎಂದು ಜಿಲ್ಲಾ ನ್ಯಾಯಾಧೀಶರಾದ ಜಿ. ಪ್ರಭಾವತಿ ಅವರು ಮಾಹಿತಿ ನೀಡಿದರು. ಹಿರಿಯ ಸಿವಿಲ್ ನ್ಯಾಯಾಧೀಶರು ಹಾಗೂ ಜಿಲ್ಲಾ ಕಾನೂನು ಸೇವೆಗಳ ಪ್ರಾಧಿಕಾರದ ಸದಸ್ಯ ಕಾರ್ಯದರ್ಶಿ ಈಶ್ವರ್, ಮುಖ್ಯ ನ್ಯಾಯಿಕ ದಂಡಾಧಿಕಾರಿ ಸಿ.ಡಿ. ಪ್ರಕಾಶ್ ಉಪಸ್ಥಿತರಿದ್ದರು.

Printed by : H.L.AMARANATH, Owned by: H.L.AMARANATH, Printed at : SREE MANJUNATHA ENTERPRISES No. 7, Tirugappa lane, Cottonpet cross, Cottonpet, Bangalore-560053.
Published at : No.97, 2nd Cross, Vivekanandanagar, Khadi Commission Layout, BSK 3rd Stage, Kathariguppe Main Road, Bengaluru-560085. Mobile: 9663122276 Editor : H.L.AMARANATH
